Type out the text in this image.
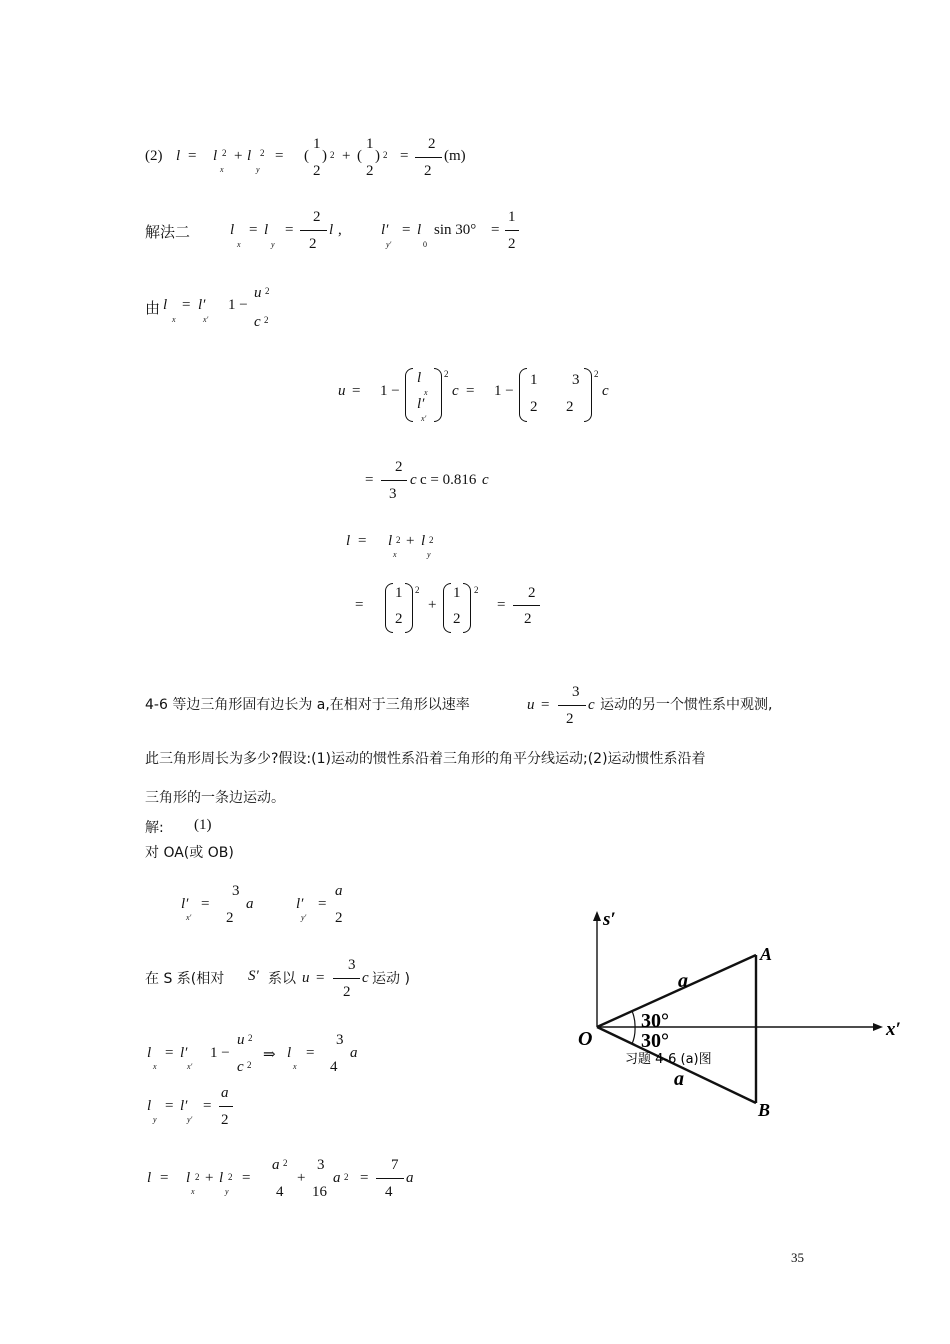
(2) l = l 2
x
+ l 2
y
= (
1
2
) 2 + (
1
2
) 2 =
2
2
(m)
解法二	l
x
= l
y
=
2
2
l ,	l′
y′
= l
0
sin 30° =
1
2
由 l
x
= l′
x′
1 −
u 2
c 2
u = 1 −
l
x
l′
x′
2
c = 1 −
1 3
2 2
2
c
=
2
3
c c = 0.816 c
l = l 2
x
+ l 2
y
=
1
2
2
+
1
2
2
=
2
2
4-6 等边三角形固有边长为 a,在相对于三角形以速率	u =
3
2
c 运动的另一个惯性系中观测,
此三角形周长为多少?假设:(1)运动的惯性系沿着三角形的角平分线运动;(2)运动惯性系沿着
三角形的一条边运动。
解: (1)
对 OA(或 OB)
l′
x′
=
3
2
a	l′
y′
=
a
2
在 S 系(相对 S′ 系以 u =
3
2
c 运动 )
l
x
= l′
x′
1 −
u 2
c 2
⇒ l
x
=
3
4
a
l
y
= l′
y′
=
a
2
l = l 2
x
+ l 2
y
=
a 2
4
+
3
16
a 2 =
7
4
a
s′
x′
O
A
B
a
a
30°
30°
习题 4-6 (a)图
35
